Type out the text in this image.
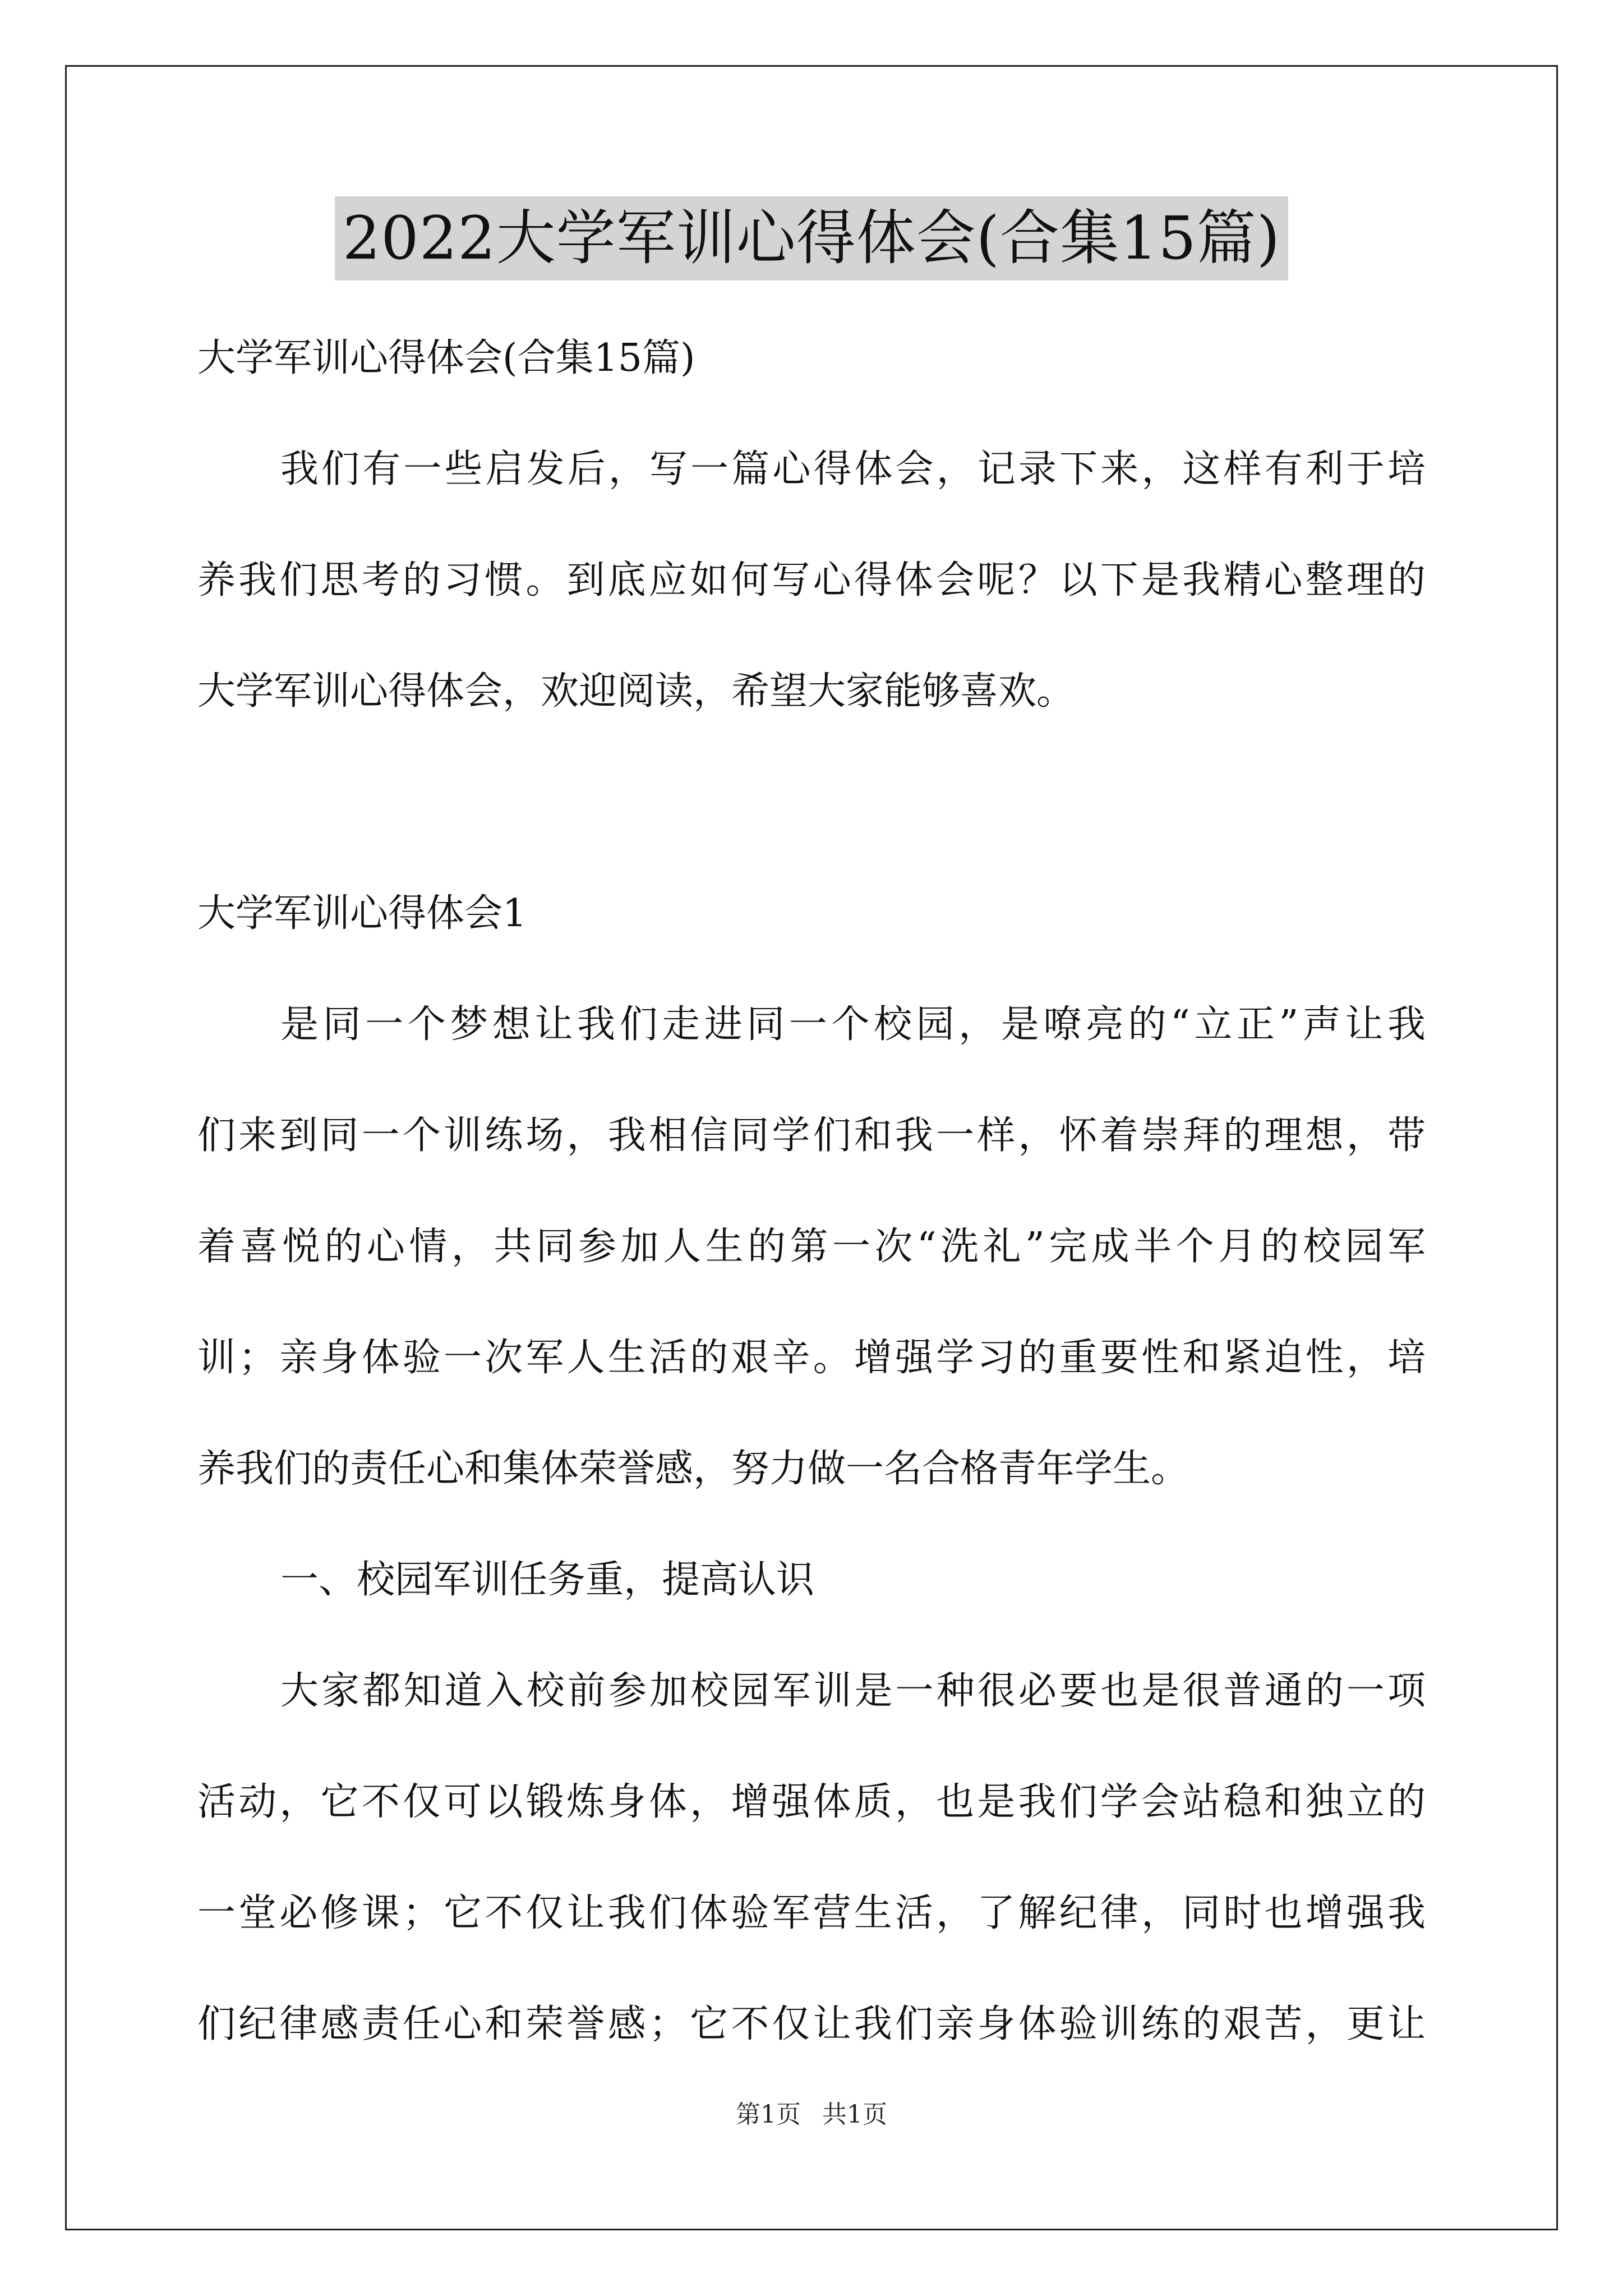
2022大学军训心得体会(合集15篇)
大学军训心得体会(合集15篇)
我们有一些启发后，写一篇心得体会，记录下来，这样有利于培
养我们思考的习惯。到底应如何写心得体会呢？以下是我精心整理的
大学军训心得体会，欢迎阅读，希望大家能够喜欢。
大学军训心得体会1
是同一个梦想让我们走进同一个校园，是嘹亮的“立正”声让我
们来到同一个训练场，我相信同学们和我一样，怀着崇拜的理想，带
着喜悦的心情，共同参加人生的第一次“洗礼”完成半个月的校园军
训；亲身体验一次军人生活的艰辛。增强学习的重要性和紧迫性，培
养我们的责任心和集体荣誉感，努力做一名合格青年学生。
一、校园军训任务重，提高认识
大家都知道入校前参加校园军训是一种很必要也是很普通的一项
活动，它不仅可以锻炼身体，增强体质，也是我们学会站稳和独立的
一堂必修课；它不仅让我们体验军营生活，了解纪律，同时也增强我
们纪律感责任心和荣誉感；它不仅让我们亲身体验训练的艰苦，更让
第1页 共1页
